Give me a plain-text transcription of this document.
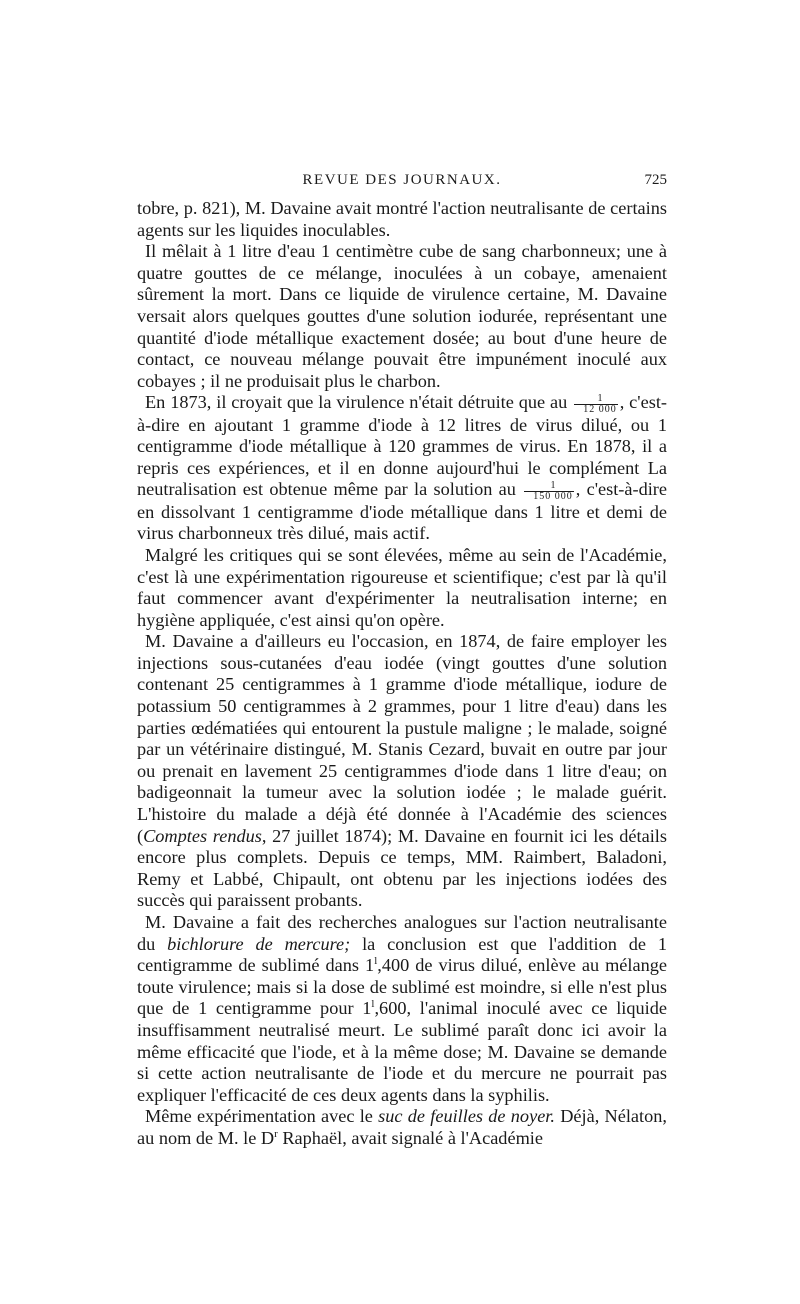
REVUE DES JOURNAUX.	725

tobre, p. 821), M. Davaine avait montré l'action neutralisante de certains agents sur les liquides inoculables.

Il mêlait à 1 litre d'eau 1 centimètre cube de sang charbonneux; une à quatre gouttes de ce mélange, inoculées à un cobaye, amenaient sûrement la mort. Dans ce liquide de virulence certaine, M. Davaine versait alors quelques gouttes d'une solution iodurée, représentant une quantité d'iode métallique exactement dosée; au bout d'une heure de contact, ce nouveau mélange pouvait être impunément inoculé aux cobayes ; il ne produisait plus le charbon.

En 1873, il croyait que la virulence n'était détruite que au $\frac{1}{12 000}$ , c'est-à-dire en ajoutant 1 gramme d'iode à 12 litres de virus dilué, ou 1 centigramme d'iode métallique à 120 grammes de virus. En 1878, il a repris ces expériences, et il en donne aujourd'hui le complément La neutralisation est obtenue même par la solution au $\frac{1}{150 000}$ , c'est-à-dire en dissolvant 1 centigramme d'iode métallique dans 1 litre et demi de virus charbonneux très dilué, mais actif.

Malgré les critiques qui se sont élevées, même au sein de l'Académie, c'est là une expérimentation rigoureuse et scientifique; c'est par là qu'il faut commencer avant d'expérimenter la neutralisation interne; en hygiène appliquée, c'est ainsi qu'on opère.

M. Davaine a d'ailleurs eu l'occasion, en 1874, de faire employer les injections sous-cutanées d'eau iodée (vingt gouttes d'une solution contenant 25 centigrammes à 1 gramme d'iode métallique, iodure de potassium 50 centigrammes à 2 grammes, pour 1 litre d'eau) dans les parties œdématiées qui entourent la pustule maligne ; le malade, soigné par un vétérinaire distingué, M. Stanis Cezard, buvait en outre par jour ou prenait en lavement 25 centigrammes d'iode dans 1 litre d'eau; on badigeonnait la tumeur avec la solution iodée ; le malade guérit. L'histoire du malade a déjà été donnée à l'Académie des sciences (Comptes rendus, 27 juillet 1874); M. Davaine en fournit ici les détails encore plus complets. Depuis ce temps, MM. Raimbert, Baladoni, Remy et Labbé, Chipault, ont obtenu par les injections iodées des succès qui paraissent probants.

M. Davaine a fait des recherches analogues sur l'action neutralisante du bichlorure de mercure; la conclusion est que l'addition de 1 centigramme de sublimé dans 1$^l$,400 de virus dilué, enlève au mélange toute virulence; mais si la dose de sublimé est moindre, si elle n'est plus que de 1 centigramme pour 1$^l$,600, l'animal inoculé avec ce liquide insuffisamment neutralisé meurt. Le sublimé paraît donc ici avoir la même efficacité que l'iode, et à la même dose; M. Davaine se demande si cette action neutralisante de l'iode et du mercure ne pourrait pas expliquer l'efficacité de ces deux agents dans la syphilis.

Même expérimentation avec le suc de feuilles de noyer. Déjà, Nélaton, au nom de M. le $D^r$ Raphaël, avait signalé à l'Académie
